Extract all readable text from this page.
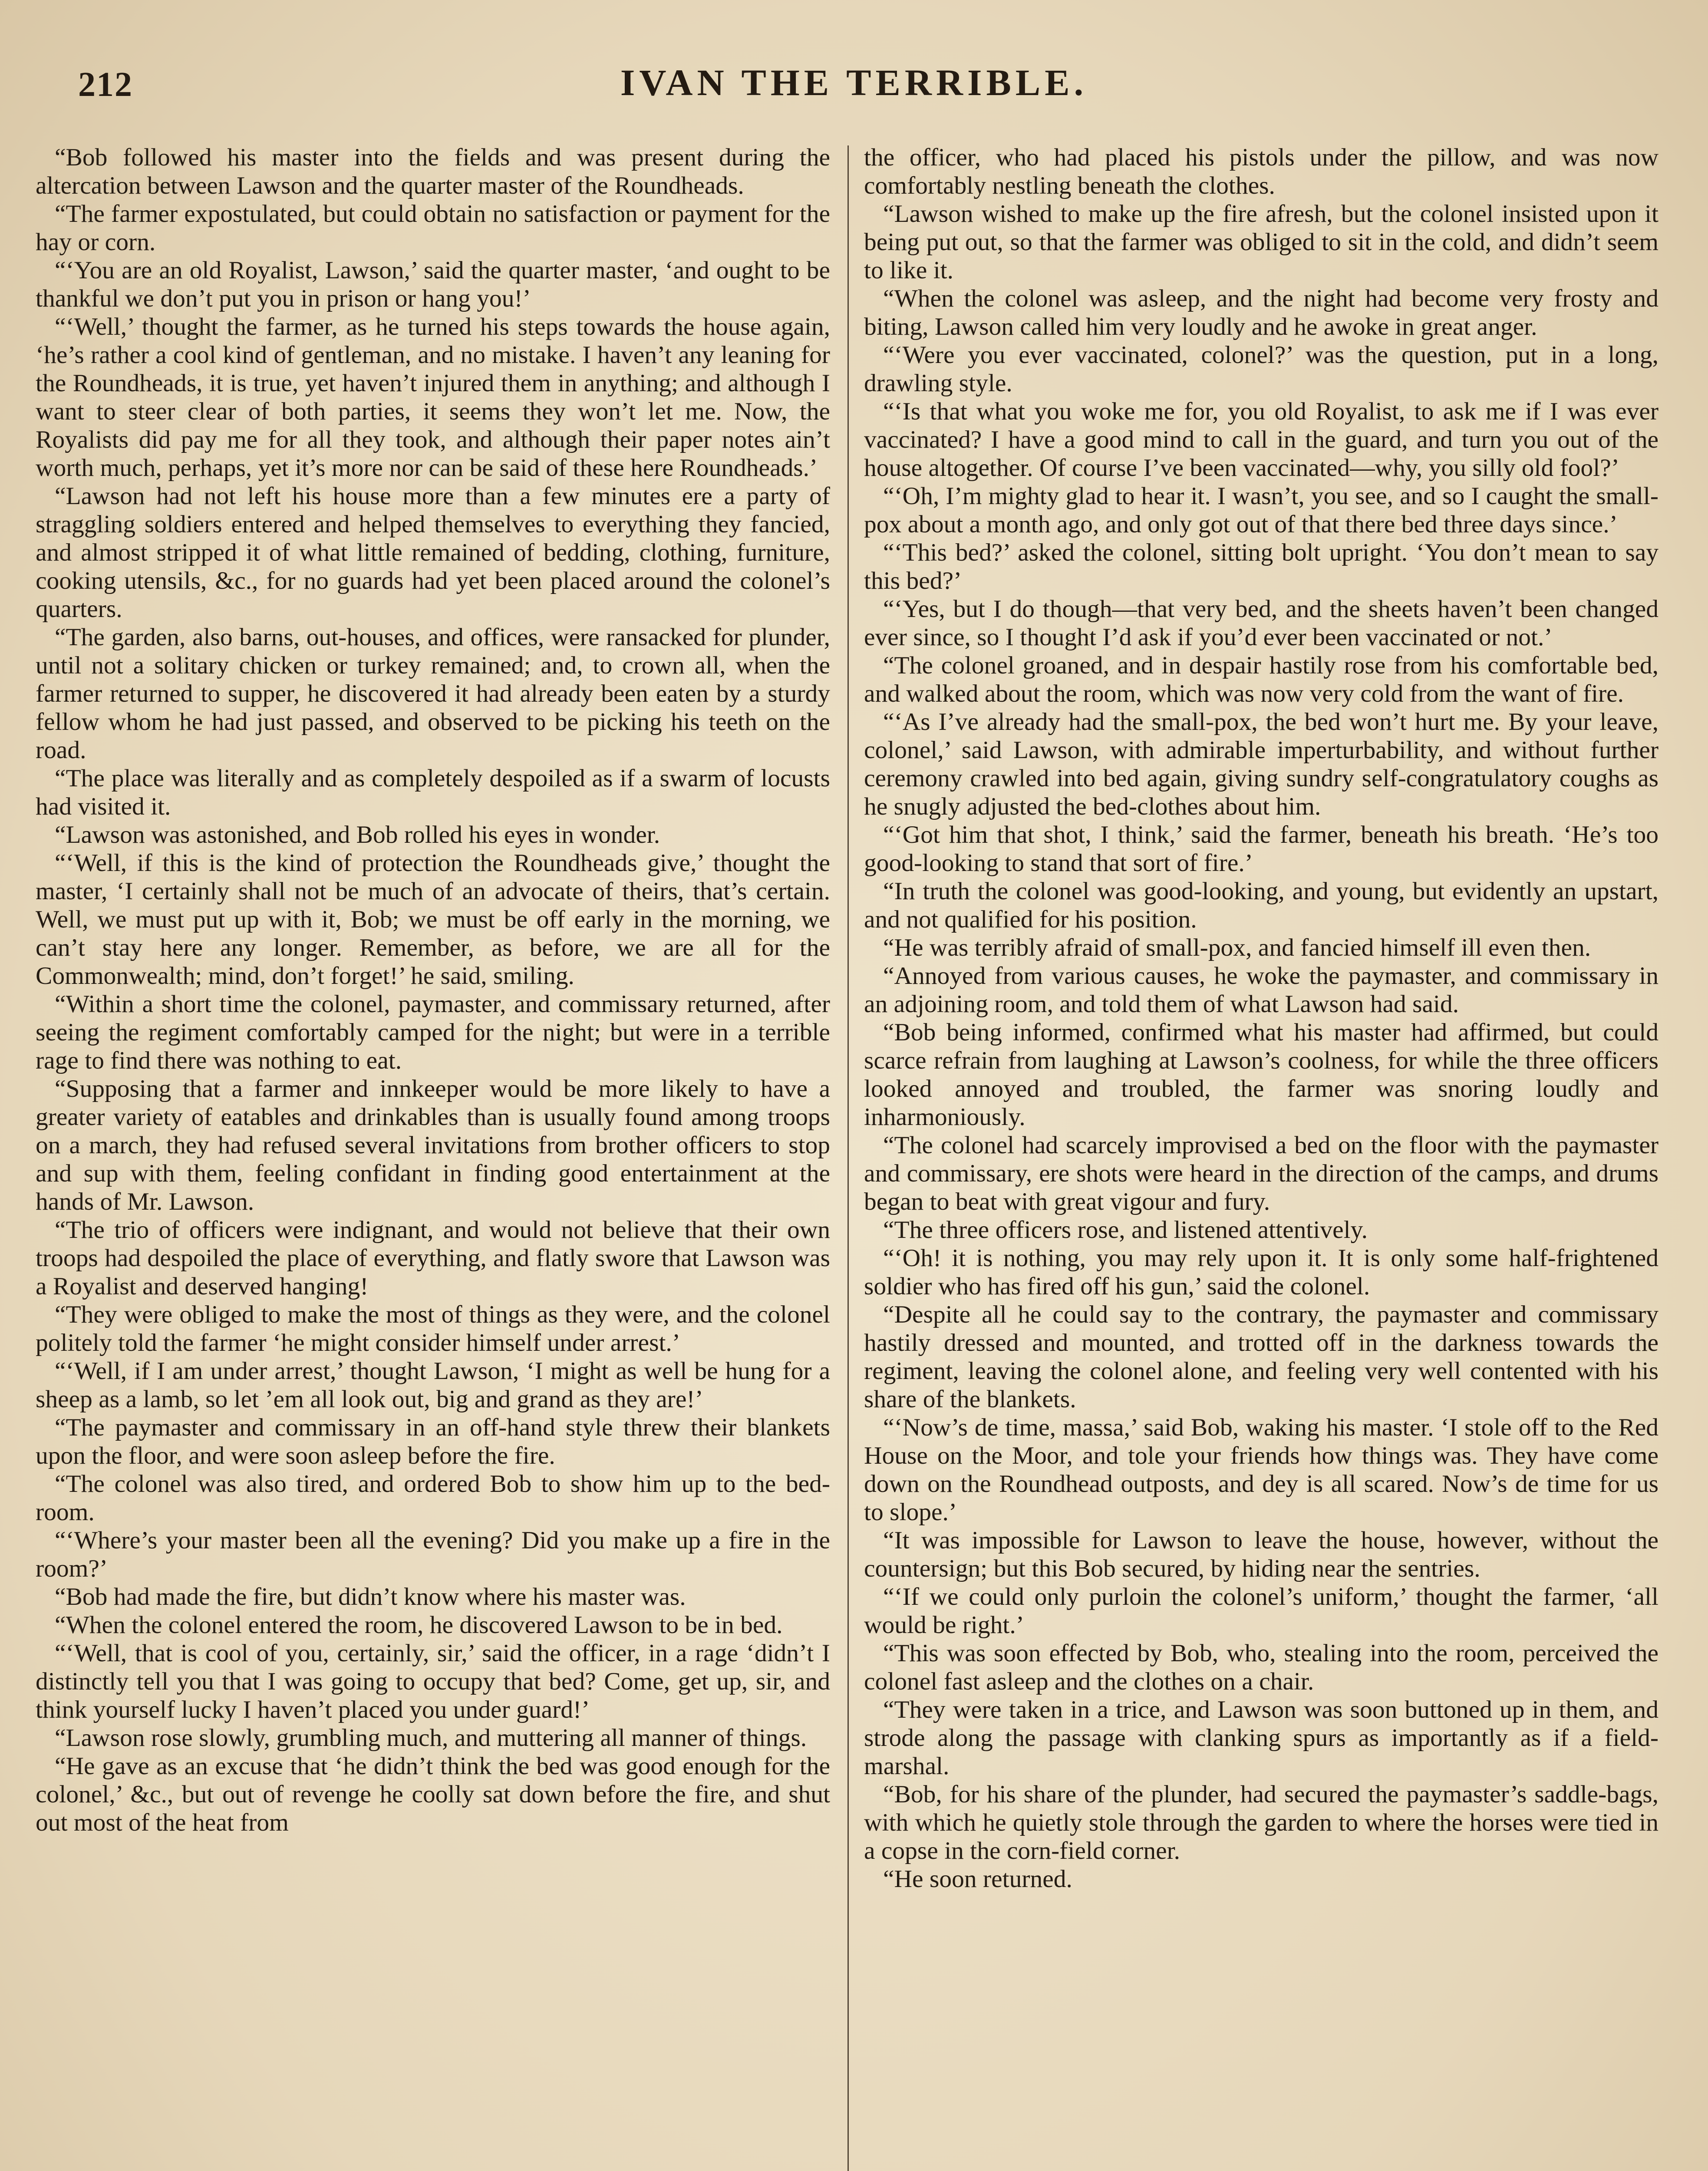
212	IVAN THE TERRIBLE.

“Bob followed his master into the fields and was present during the altercation between Lawson and the quarter master of the Roundheads.

“The farmer expostulated, but could obtain no satisfaction or payment for the hay or corn.

“‘You are an old Royalist, Lawson,’ said the quarter master, ‘and ought to be thankful we don’t put you in prison or hang you!’

“‘Well,’ thought the farmer, as he turned his steps towards the house again, ‘he’s rather a cool kind of gentleman, and no mistake. I haven’t any leaning for the Roundheads, it is true, yet haven’t injured them in anything; and although I want to steer clear of both parties, it seems they won’t let me. Now, the Royalists did pay me for all they took, and although their paper notes ain’t worth much, perhaps, yet it’s more nor can be said of these here Roundheads.’

“Lawson had not left his house more than a few minutes ere a party of straggling soldiers entered and helped themselves to everything they fancied, and almost stripped it of what little remained of bedding, clothing, furniture, cooking utensils, &c., for no guards had yet been placed around the colonel’s quarters.

“The garden, also barns, out-houses, and offices, were ransacked for plunder, until not a solitary chicken or turkey remained; and, to crown all, when the farmer returned to supper, he discovered it had already been eaten by a sturdy fellow whom he had just passed, and observed to be picking his teeth on the road.

“The place was literally and as completely despoiled as if a swarm of locusts had visited it.

“Lawson was astonished, and Bob rolled his eyes in wonder.

“‘Well, if this is the kind of protection the Roundheads give,’ thought the master, ‘I certainly shall not be much of an advocate of theirs, that’s certain. Well, we must put up with it, Bob; we must be off early in the morning, we can’t stay here any longer. Remember, as before, we are all for the Commonwealth; mind, don’t forget!’ he said, smiling.

“Within a short time the colonel, paymaster, and commissary returned, after seeing the regiment comfortably camped for the night; but were in a terrible rage to find there was nothing to eat.

“Supposing that a farmer and innkeeper would be more likely to have a greater variety of eatables and drinkables than is usually found among troops on a march, they had refused several invitations from brother officers to stop and sup with them, feeling confidant in finding good entertainment at the hands of Mr. Lawson.

“The trio of officers were indignant, and would not believe that their own troops had despoiled the place of everything, and flatly swore that Lawson was a Royalist and deserved hanging!

“They were obliged to make the most of things as they were, and the colonel politely told the farmer ‘he might consider himself under arrest.’

“‘Well, if I am under arrest,’ thought Lawson, ‘I might as well be hung for a sheep as a lamb, so let ’em all look out, big and grand as they are!’

“The paymaster and commissary in an off-hand style threw their blankets upon the floor, and were soon asleep before the fire.

“The colonel was also tired, and ordered Bob to show him up to the bed-room.

“‘Where’s your master been all the evening? Did you make up a fire in the room?’

“Bob had made the fire, but didn’t know where his master was.

“When the colonel entered the room, he discovered Lawson to be in bed.

“‘Well, that is cool of you, certainly, sir,’ said the officer, in a rage ‘didn’t I distinctly tell you that I was going to occupy that bed? Come, get up, sir, and think yourself lucky I haven’t placed you under guard!’

“Lawson rose slowly, grumbling much, and muttering all manner of things.

“He gave as an excuse that ‘he didn’t think the bed was good enough for the colonel,’ &c., but out of revenge he coolly sat down before the fire, and shut out most of the heat from

the officer, who had placed his pistols under the pillow, and was now comfortably nestling beneath the clothes.

“Lawson wished to make up the fire afresh, but the colonel insisted upon it being put out, so that the farmer was obliged to sit in the cold, and didn’t seem to like it.

“When the colonel was asleep, and the night had become very frosty and biting, Lawson called him very loudly and he awoke in great anger.

“‘Were you ever vaccinated, colonel?’ was the question, put in a long, drawling style.

“‘Is that what you woke me for, you old Royalist, to ask me if I was ever vaccinated? I have a good mind to call in the guard, and turn you out of the house altogether. Of course I’ve been vaccinated—why, you silly old fool?’

“‘Oh, I’m mighty glad to hear it. I wasn’t, you see, and so I caught the small-pox about a month ago, and only got out of that there bed three days since.’

“‘This bed?’ asked the colonel, sitting bolt upright. ‘You don’t mean to say this bed?’

“‘Yes, but I do though—that very bed, and the sheets haven’t been changed ever since, so I thought I’d ask if you’d ever been vaccinated or not.’

“The colonel groaned, and in despair hastily rose from his comfortable bed, and walked about the room, which was now very cold from the want of fire.

“‘As I’ve already had the small-pox, the bed won’t hurt me. By your leave, colonel,’ said Lawson, with admirable imperturbability, and without further ceremony crawled into bed again, giving sundry self-congratulatory coughs as he snugly adjusted the bed-clothes about him.

“‘Got him that shot, I think,’ said the farmer, beneath his breath. ‘He’s too good-looking to stand that sort of fire.’

“In truth the colonel was good-looking, and young, but evidently an upstart, and not qualified for his position.

“He was terribly afraid of small-pox, and fancied himself ill even then.

“Annoyed from various causes, he woke the paymaster, and commissary in an adjoining room, and told them of what Lawson had said.

“Bob being informed, confirmed what his master had affirmed, but could scarce refrain from laughing at Lawson’s coolness, for while the three officers looked annoyed and troubled, the farmer was snoring loudly and inharmoniously.

“The colonel had scarcely improvised a bed on the floor with the paymaster and commissary, ere shots were heard in the direction of the camps, and drums began to beat with great vigour and fury.

“The three officers rose, and listened attentively.

“‘Oh! it is nothing, you may rely upon it. It is only some half-frightened soldier who has fired off his gun,’ said the colonel.

“Despite all he could say to the contrary, the paymaster and commissary hastily dressed and mounted, and trotted off in the darkness towards the regiment, leaving the colonel alone, and feeling very well contented with his share of the blankets.

“‘Now’s de time, massa,’ said Bob, waking his master. ‘I stole off to the Red House on the Moor, and tole your friends how things was. They have come down on the Roundhead outposts, and dey is all scared. Now’s de time for us to slope.’

“It was impossible for Lawson to leave the house, however, without the countersign; but this Bob secured, by hiding near the sentries.

“‘If we could only purloin the colonel’s uniform,’ thought the farmer, ‘all would be right.’

“This was soon effected by Bob, who, stealing into the room, perceived the colonel fast asleep and the clothes on a chair.

“They were taken in a trice, and Lawson was soon buttoned up in them, and strode along the passage with clanking spurs as importantly as if a field-marshal.

“Bob, for his share of the plunder, had secured the paymaster’s saddle-bags, with which he quietly stole through the garden to where the horses were tied in a copse in the corn-field corner.

“He soon returned.
